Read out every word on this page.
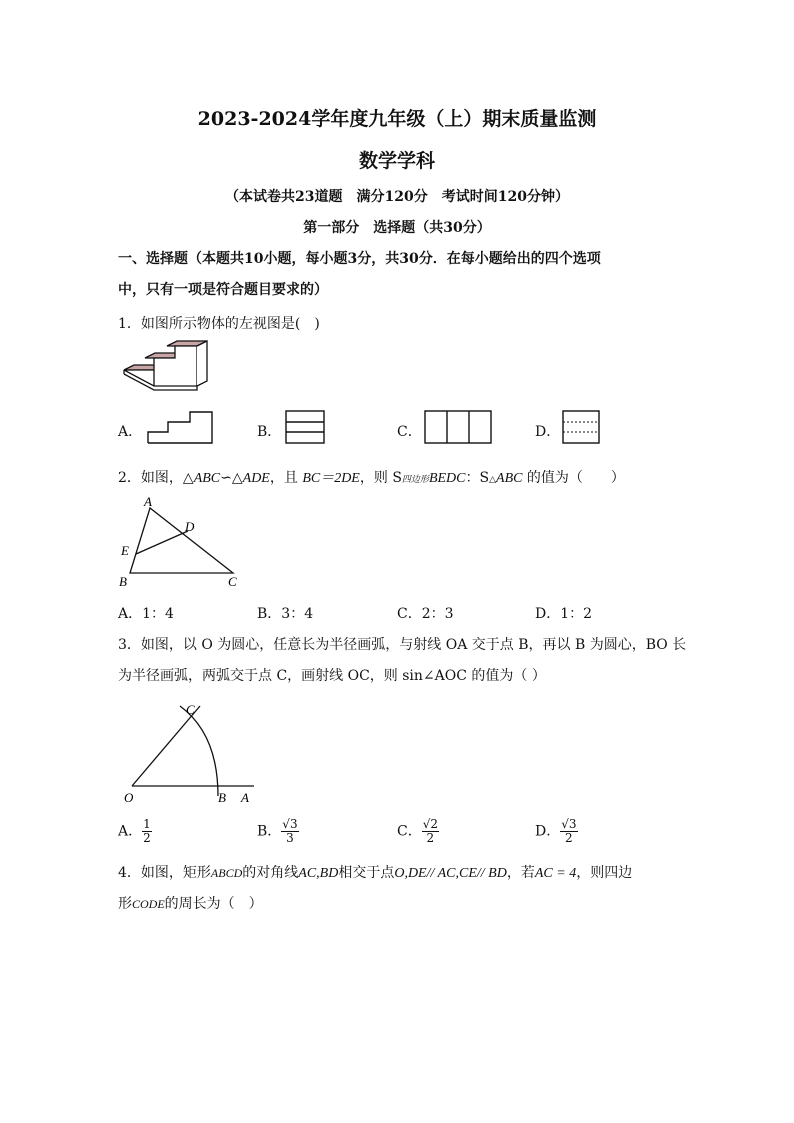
2023-2024学年度九年级（上）期末质量监测
数学学科
（本试卷共23道题　满分120分　考试时间120分钟）
第一部分　选择题（共30分）
一、选择题（本题共10小题，每小题3分，共30分．在每小题给出的四个选项
中，只有一项是符合题目要求的）
1．如图所示物体的左视图是(　)
A．	B．	C．	D．
2．如图，△ABC∽△ADE，且 BC＝2DE，则 S四边形BEDC：S△ABC 的值为（　　）
A
D
E
B	C
A．1：4	B．3：4	C．2：3	D．1：2
3．如图，以 O 为圆心，任意长为半径画弧，与射线 OA 交于点 B，再以 B 为圆心，BO 长
为半径画弧，两弧交于点 C，画射线 OC，则 sin∠AOC 的值为（ ）
C
O	B A
A． $\frac{1}{2}$	B． $\frac{√3}{3}$	C． $\frac{√2}{2}$	D． $\frac{√3}{2}$
4．如图，矩形ABCD的对角线AC,BD相交于点O,DE// AC,CE// BD，若AC = 4，则四边
形CODE的周长为（　）
